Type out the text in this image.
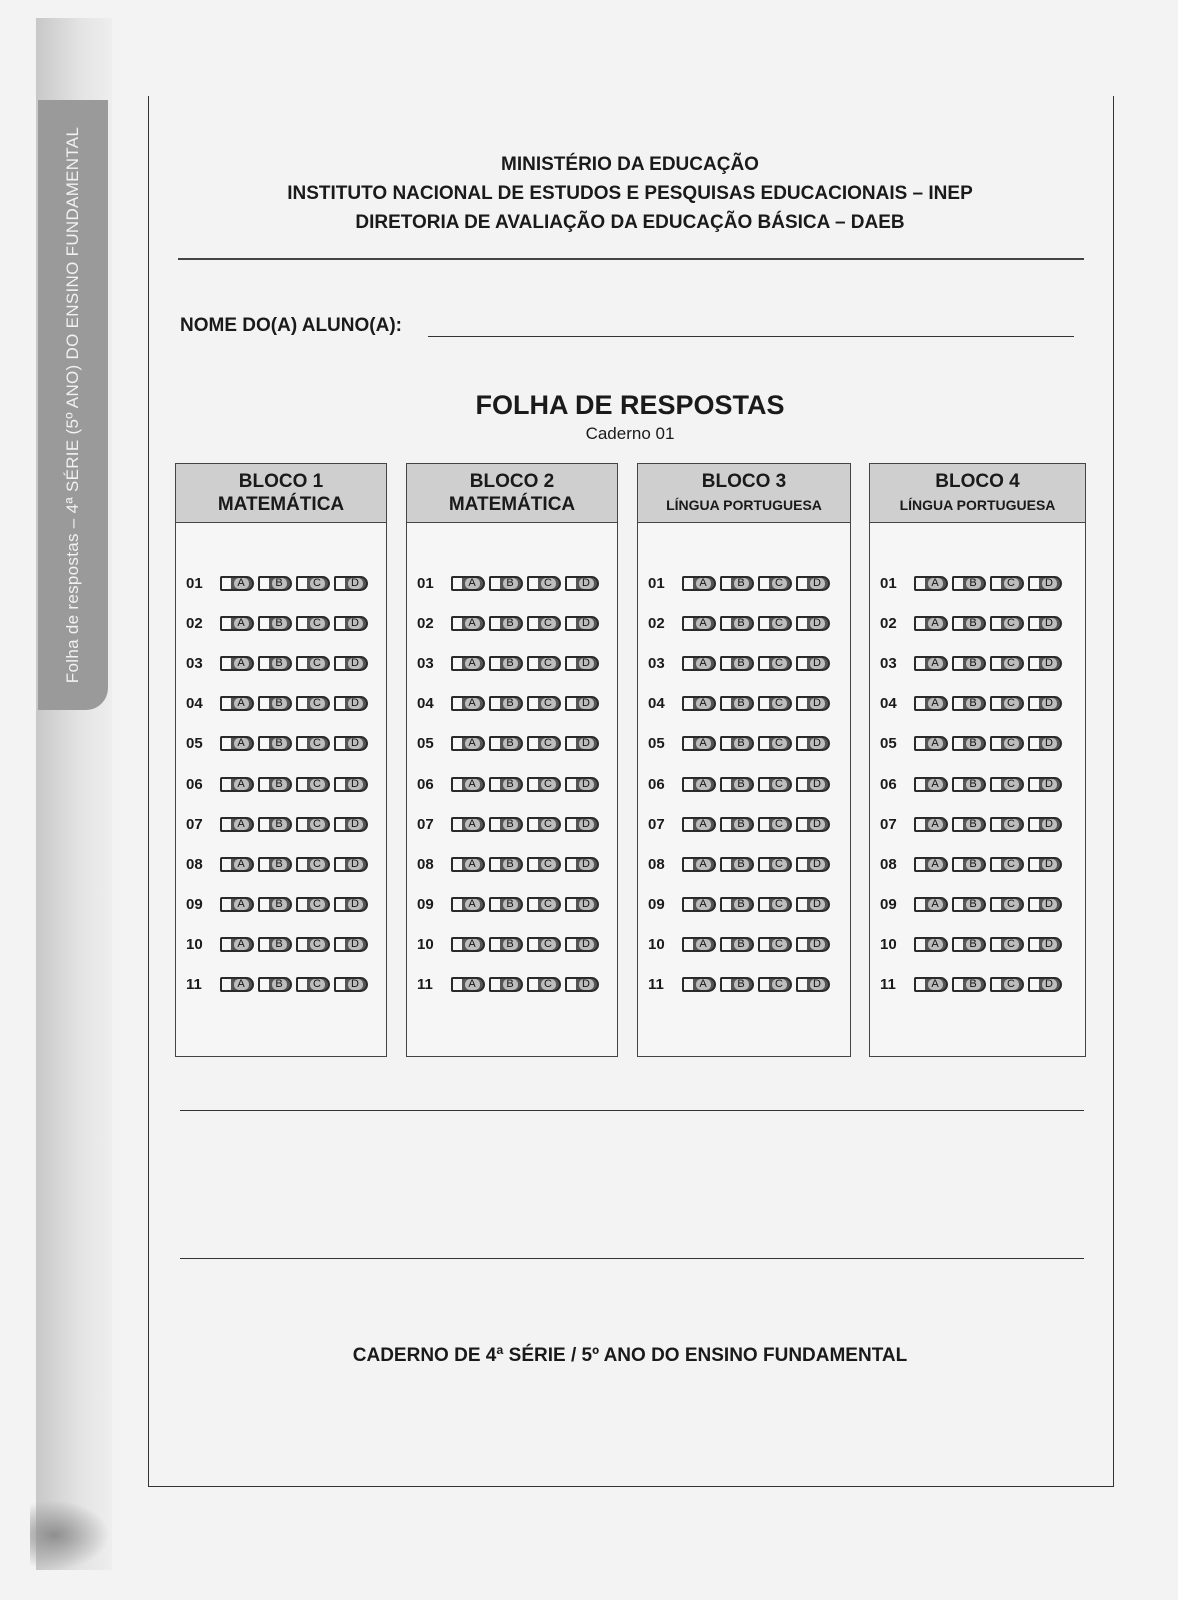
Folha de respostas – 4ª SÉRIE (5º ANO) DO ENSINO FUNDAMENTAL	MINISTÉRIO DA EDUCAÇÃO
INSTITUTO NACIONAL DE ESTUDOS E PESQUISAS EDUCACIONAIS – INEP
DIRETORIA DE AVALIAÇÃO DA EDUCAÇÃO BÁSICA – DAEB
NOME DO(A) ALUNO(A):
FOLHA DE RESPOSTAS
Caderno 01
BLOCO 1
MATEMÁTICA
01	A	B	C	D
02	A	B	C	D
03	A	B	C	D
04	A	B	C	D
05	A	B	C	D
06	A	B	C	D
07	A	B	C	D
08	A	B	C	D
09	A	B	C	D
10	A	B	C	D
11	A	B	C	D
BLOCO 2
MATEMÁTICA
01	A	B	C	D
02	A	B	C	D
03	A	B	C	D
04	A	B	C	D
05	A	B	C	D
06	A	B	C	D
07	A	B	C	D
08	A	B	C	D
09	A	B	C	D
10	A	B	C	D
11	A	B	C	D
BLOCO 3
LÍNGUA PORTUGUESA
01	A	B	C	D
02	A	B	C	D
03	A	B	C	D
04	A	B	C	D
05	A	B	C	D
06	A	B	C	D
07	A	B	C	D
08	A	B	C	D
09	A	B	C	D
10	A	B	C	D
11	A	B	C	D
BLOCO 4
LÍNGUA PORTUGUESA
01	A	B	C	D
02	A	B	C	D
03	A	B	C	D
04	A	B	C	D
05	A	B	C	D
06	A	B	C	D
07	A	B	C	D
08	A	B	C	D
09	A	B	C	D
10	A	B	C	D
11	A	B	C	D
CADERNO DE 4ª SÉRIE / 5º ANO DO ENSINO FUNDAMENTAL
